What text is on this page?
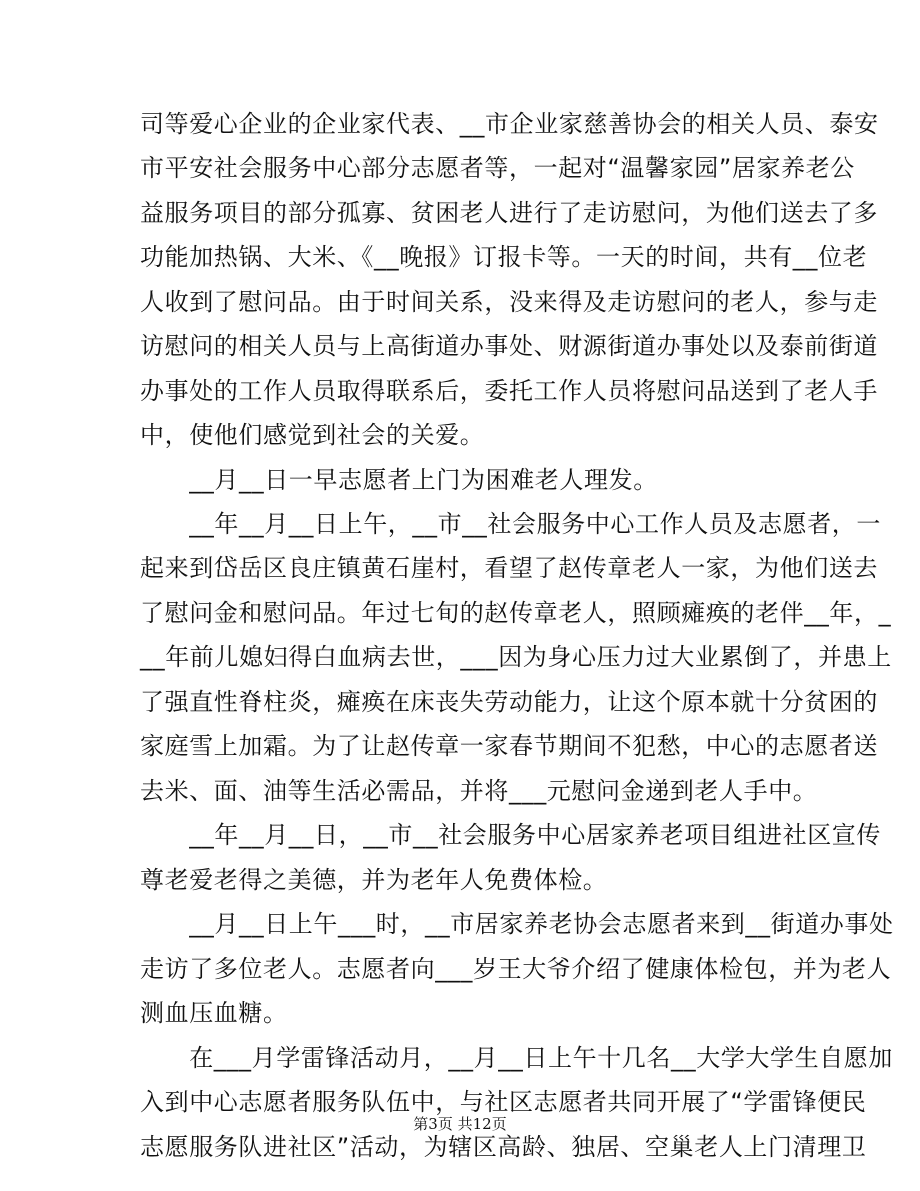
司等爱心企业的企业家代表、__市企业家慈善协会的相关人员、泰安
市平安社会服务中心部分志愿者等，一起对“温馨家园”居家养老公
益服务项目的部分孤寡、贫困老人进行了走访慰问，为他们送去了多
功能加热锅、大米、《__晚报》订报卡等。一天的时间，共有__位老
人收到了慰问品。由于时间关系，没来得及走访慰问的老人，参与走
访慰问的相关人员与上高街道办事处、财源街道办事处以及泰前街道
办事处的工作人员取得联系后，委托工作人员将慰问品送到了老人手
中，使他们感觉到社会的关爱。
　　__月__日一早志愿者上门为困难老人理发。
　　__年__月__日上午，__市__社会服务中心工作人员及志愿者，一
起来到岱岳区良庄镇黄石崖村，看望了赵传章老人一家，为他们送去
了慰问金和慰问品。年过七旬的赵传章老人，照顾瘫痪的老伴__年，_
__年前儿媳妇得白血病去世，___因为身心压力过大业累倒了，并患上
了强直性脊柱炎，瘫痪在床丧失劳动能力，让这个原本就十分贫困的
家庭雪上加霜。为了让赵传章一家春节期间不犯愁，中心的志愿者送
去米、面、油等生活必需品，并将___元慰问金递到老人手中。
　　__年__月__日，__市__社会服务中心居家养老项目组进社区宣传
尊老爱老得之美德，并为老年人免费体检。
　　__月__日上午___时，__市居家养老协会志愿者来到__街道办事处
走访了多位老人。志愿者向___岁王大爷介绍了健康体检包，并为老人
测血压血糖。
　　在___月学雷锋活动月，__月__日上午十几名__大学大学生自愿加
入到中心志愿者服务队伍中，与社区志愿者共同开展了“学雷锋便民
志愿服务队进社区”活动，为辖区高龄、独居、空巢老人上门清理卫
第3页 共12页
